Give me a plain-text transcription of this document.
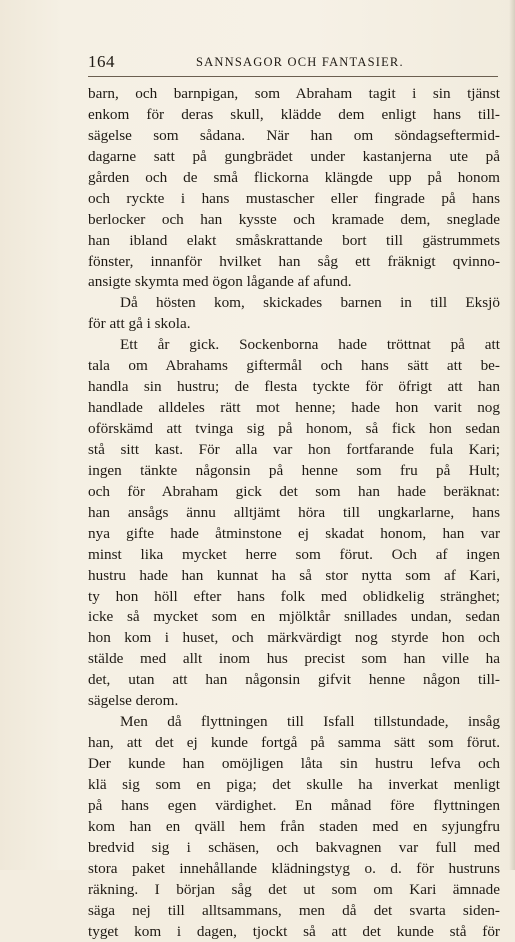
164	SANNSAGOR OCH FANTASIER.
barn, och barnpigan, som Abraham tagit i sin tjänst
enkom för deras skull, klädde dem enligt hans till-
sägelse som sådana. När han om söndagseftermid-
dagarne satt på gungbrädet under kastanjerna ute på
gården och de små flickorna klängde upp på honom
och ryckte i hans mustascher eller fingrade på hans
berlocker och han kysste och kramade dem, sneglade
han ibland elakt småskrattande bort till gästrummets
fönster, innanför hvilket han såg ett fräknigt qvinno-
ansigte skymta med ögon lågande af afund.
Då hösten kom, skickades barnen in till Eksjö
för att gå i skola.
Ett år gick. Sockenborna hade tröttnat på att
tala om Abrahams giftermål och hans sätt att be-
handla sin hustru; de flesta tyckte för öfrigt att han
handlade alldeles rätt mot henne; hade hon varit nog
oförskämd att tvinga sig på honom, så fick hon sedan
stå sitt kast. För alla var hon fortfarande fula Kari;
ingen tänkte någonsin på henne som fru på Hult;
och för Abraham gick det som han hade beräknat:
han ansågs ännu alltjämt höra till ungkarlarne, hans
nya gifte hade åtminstone ej skadat honom, han var
minst lika mycket herre som förut. Och af ingen
hustru hade han kunnat ha så stor nytta som af Kari,
ty hon höll efter hans folk med oblidkelig stränghet;
icke så mycket som en mjölktår snillades undan, sedan
hon kom i huset, och märkvärdigt nog styrde hon och
stälde med allt inom hus precist som han ville ha
det, utan att han någonsin gifvit henne någon till-
sägelse derom.
Men då flyttningen till Isfall tillstundade, insåg
han, att det ej kunde fortgå på samma sätt som förut.
Der kunde han omöjligen låta sin hustru lefva och
klä sig som en piga; det skulle ha inverkat menligt
på hans egen värdighet. En månad före flyttningen
kom han en qväll hem från staden med en syjungfru
bredvid sig i schäsen, och bakvagnen var full med
stora paket innehållande klädningstyg o. d. för hustruns
räkning. I början såg det ut som om Kari ämnade
säga nej till alltsammans, men då det svarta siden-
tyget kom i dagen, tjockt så att det kunde stå för
